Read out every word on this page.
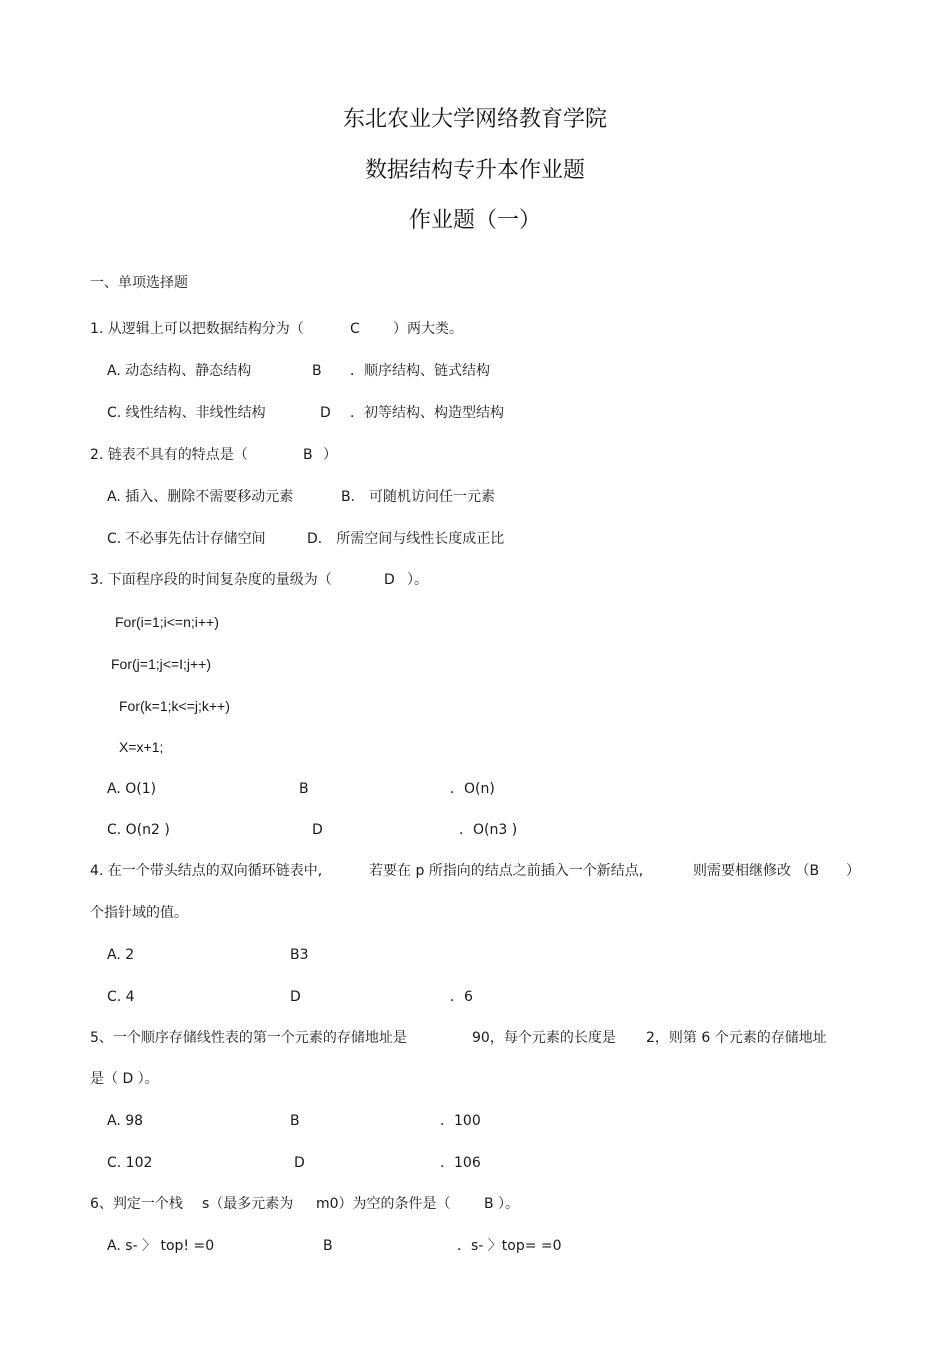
东北农业大学网络教育学院
数据结构专升本作业题
作业题（一）
一、单项选择题
1. 从逻辑上可以把数据结构分为（	C ）两大类。
A. 动态结构、静态结构	B ．顺序结构、链式结构
C. 线性结构、非线性结构	D ．初等结构、构造型结构
2. 链表不具有的特点是（	B ）
A. 插入、删除不需要移动元素	B． 可随机访问任一元素
C. 不必事先估计存储空间	D． 所需空间与线性长度成正比
3. 下面程序段的时间复杂度的量级为（	D ）。
For(i=1;i<=n;i++)
For(j=1;j<=I;j++)
For(k=1;k<=j;k++)
X=x+1;
A. O(1)	B	．O(n)
C. O(n2 )	D	．O(n3 )
4. 在一个带头结点的双向循环链表中,	若要在 p 所指向的结点之前插入一个新结点,	则需要相继修改 （B ）
个指针域的值。
A. 2	B3
C. 4	D	．6
5、一个顺序存储线性表的第一个元素的存储地址是	90，每个元素的长度是 2，则第 6 个元素的存储地址
是（ D ）。
A. 98	B	．100
C. 102	D	．106
6、判定一个栈 s（最多元素为 m0）为空的条件是（ B ）。
A. s- 〉 top! =0	B	．s- 〉top= =0
